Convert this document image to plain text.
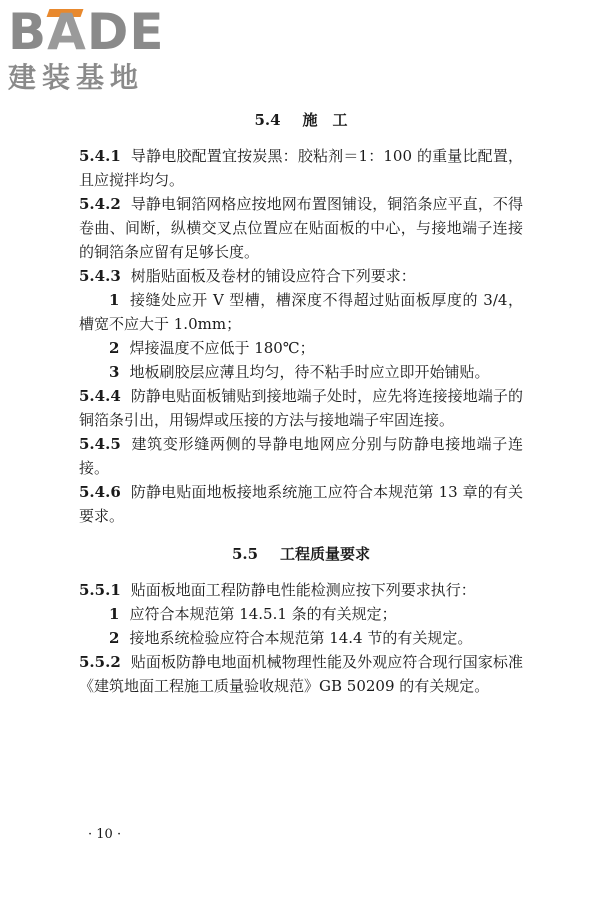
BADE
建装基地

5.4 施　工

5.4.1 导静电胶配置宜按炭黑：胶粘剂＝1：100 的重量比配置，且应搅拌均匀。

5.4.2 导静电铜箔网格应按地网布置图铺设，铜箔条应平直，不得卷曲、间断，纵横交叉点位置应在贴面板的中心，与接地端子连接的铜箔条应留有足够长度。

5.4.3 树脂贴面板及卷材的铺设应符合下列要求：

1 接缝处应开 V 型槽，槽深度不得超过贴面板厚度的 3/4，槽宽不应大于 1.0mm；

2 焊接温度不应低于 180℃；

3 地板刷胶层应薄且均匀，待不粘手时应立即开始铺贴。

5.4.4 防静电贴面板铺贴到接地端子处时，应先将连接接地端子的铜箔条引出，用锡焊或压接的方法与接地端子牢固连接。

5.4.5 建筑变形缝两侧的导静电地网应分别与防静电接地端子连接。

5.4.6 防静电贴面地板接地系统施工应符合本规范第 13 章的有关要求。

5.5 工程质量要求

5.5.1 贴面板地面工程防静电性能检测应按下列要求执行：

1 应符合本规范第 14.5.1 条的有关规定；

2 接地系统检验应符合本规范第 14.4 节的有关规定。

5.5.2 贴面板防静电地面机械物理性能及外观应符合现行国家标准《建筑地面工程施工质量验收规范》GB 50209 的有关规定。

· 10 ·
